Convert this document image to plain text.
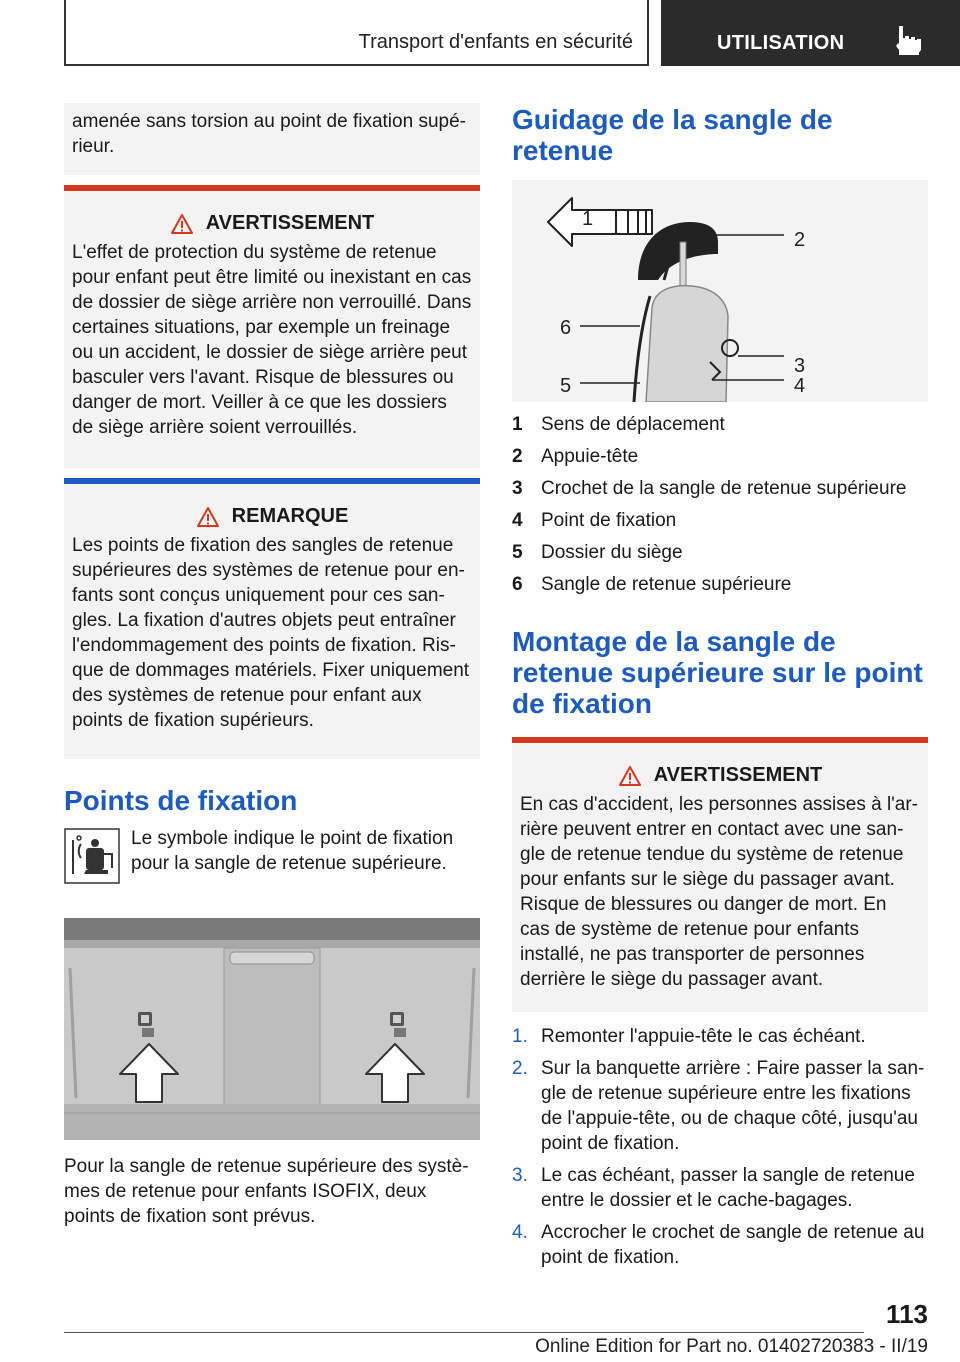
Transport d'enfants en sécurité	UTILISATION

amenée sans torsion au point de fixation supé-rieur.

AVERTISSEMENT

L'effet de protection du système de retenue pour enfant peut être limité ou inexistant en cas de dossier de siège arrière non verrouillé. Dans certaines situations, par exemple un freinage ou un accident, le dossier de siège arrière peut basculer vers l'avant. Risque de blessures ou danger de mort. Veiller à ce que les dossiers de siège arrière soient verrouillés.

REMARQUE

Les points de fixation des sangles de retenue supérieures des systèmes de retenue pour en-fants sont conçus uniquement pour ces san-gles. La fixation d'autres objets peut entraîner l'endommagement des points de fixation. Ris-que de dommages matériels. Fixer uniquement des systèmes de retenue pour enfant aux points de fixation supérieurs.

Points de fixation

Le symbole indique le point de fixation pour la sangle de retenue supérieure.

Pour la sangle de retenue supérieure des systè-mes de retenue pour enfants ISOFIX, deux points de fixation sont prévus.

Guidage de la sangle de retenue
1
2
3
4
5
6
1 Sens de déplacement
2 Appuie-tête
3 Crochet de la sangle de retenue supérieure
4 Point de fixation
5 Dossier du siège
6 Sangle de retenue supérieure
Montage de la sangle de retenue supérieure sur le point de fixation
AVERTISSEMENT

En cas d'accident, les personnes assises à l'ar-rière peuvent entrer en contact avec une san-gle de retenue tendue du système de retenue pour enfants sur le siège du passager avant. Risque de blessures ou danger de mort. En cas de système de retenue pour enfants installé, ne pas transporter de personnes derrière le siège du passager avant.

1. Remonter l'appuie-tête le cas échéant.
2. Sur la banquette arrière : Faire passer la san-gle de retenue supérieure entre les fixations de l'appuie-tête, ou de chaque côté, jusqu'au point de fixation.
3. Le cas échéant, passer la sangle de retenue entre le dossier et le cache-bagages.
4. Accrocher le crochet de sangle de retenue au point de fixation.
113
Online Edition for Part no. 01402720383 - II/19
